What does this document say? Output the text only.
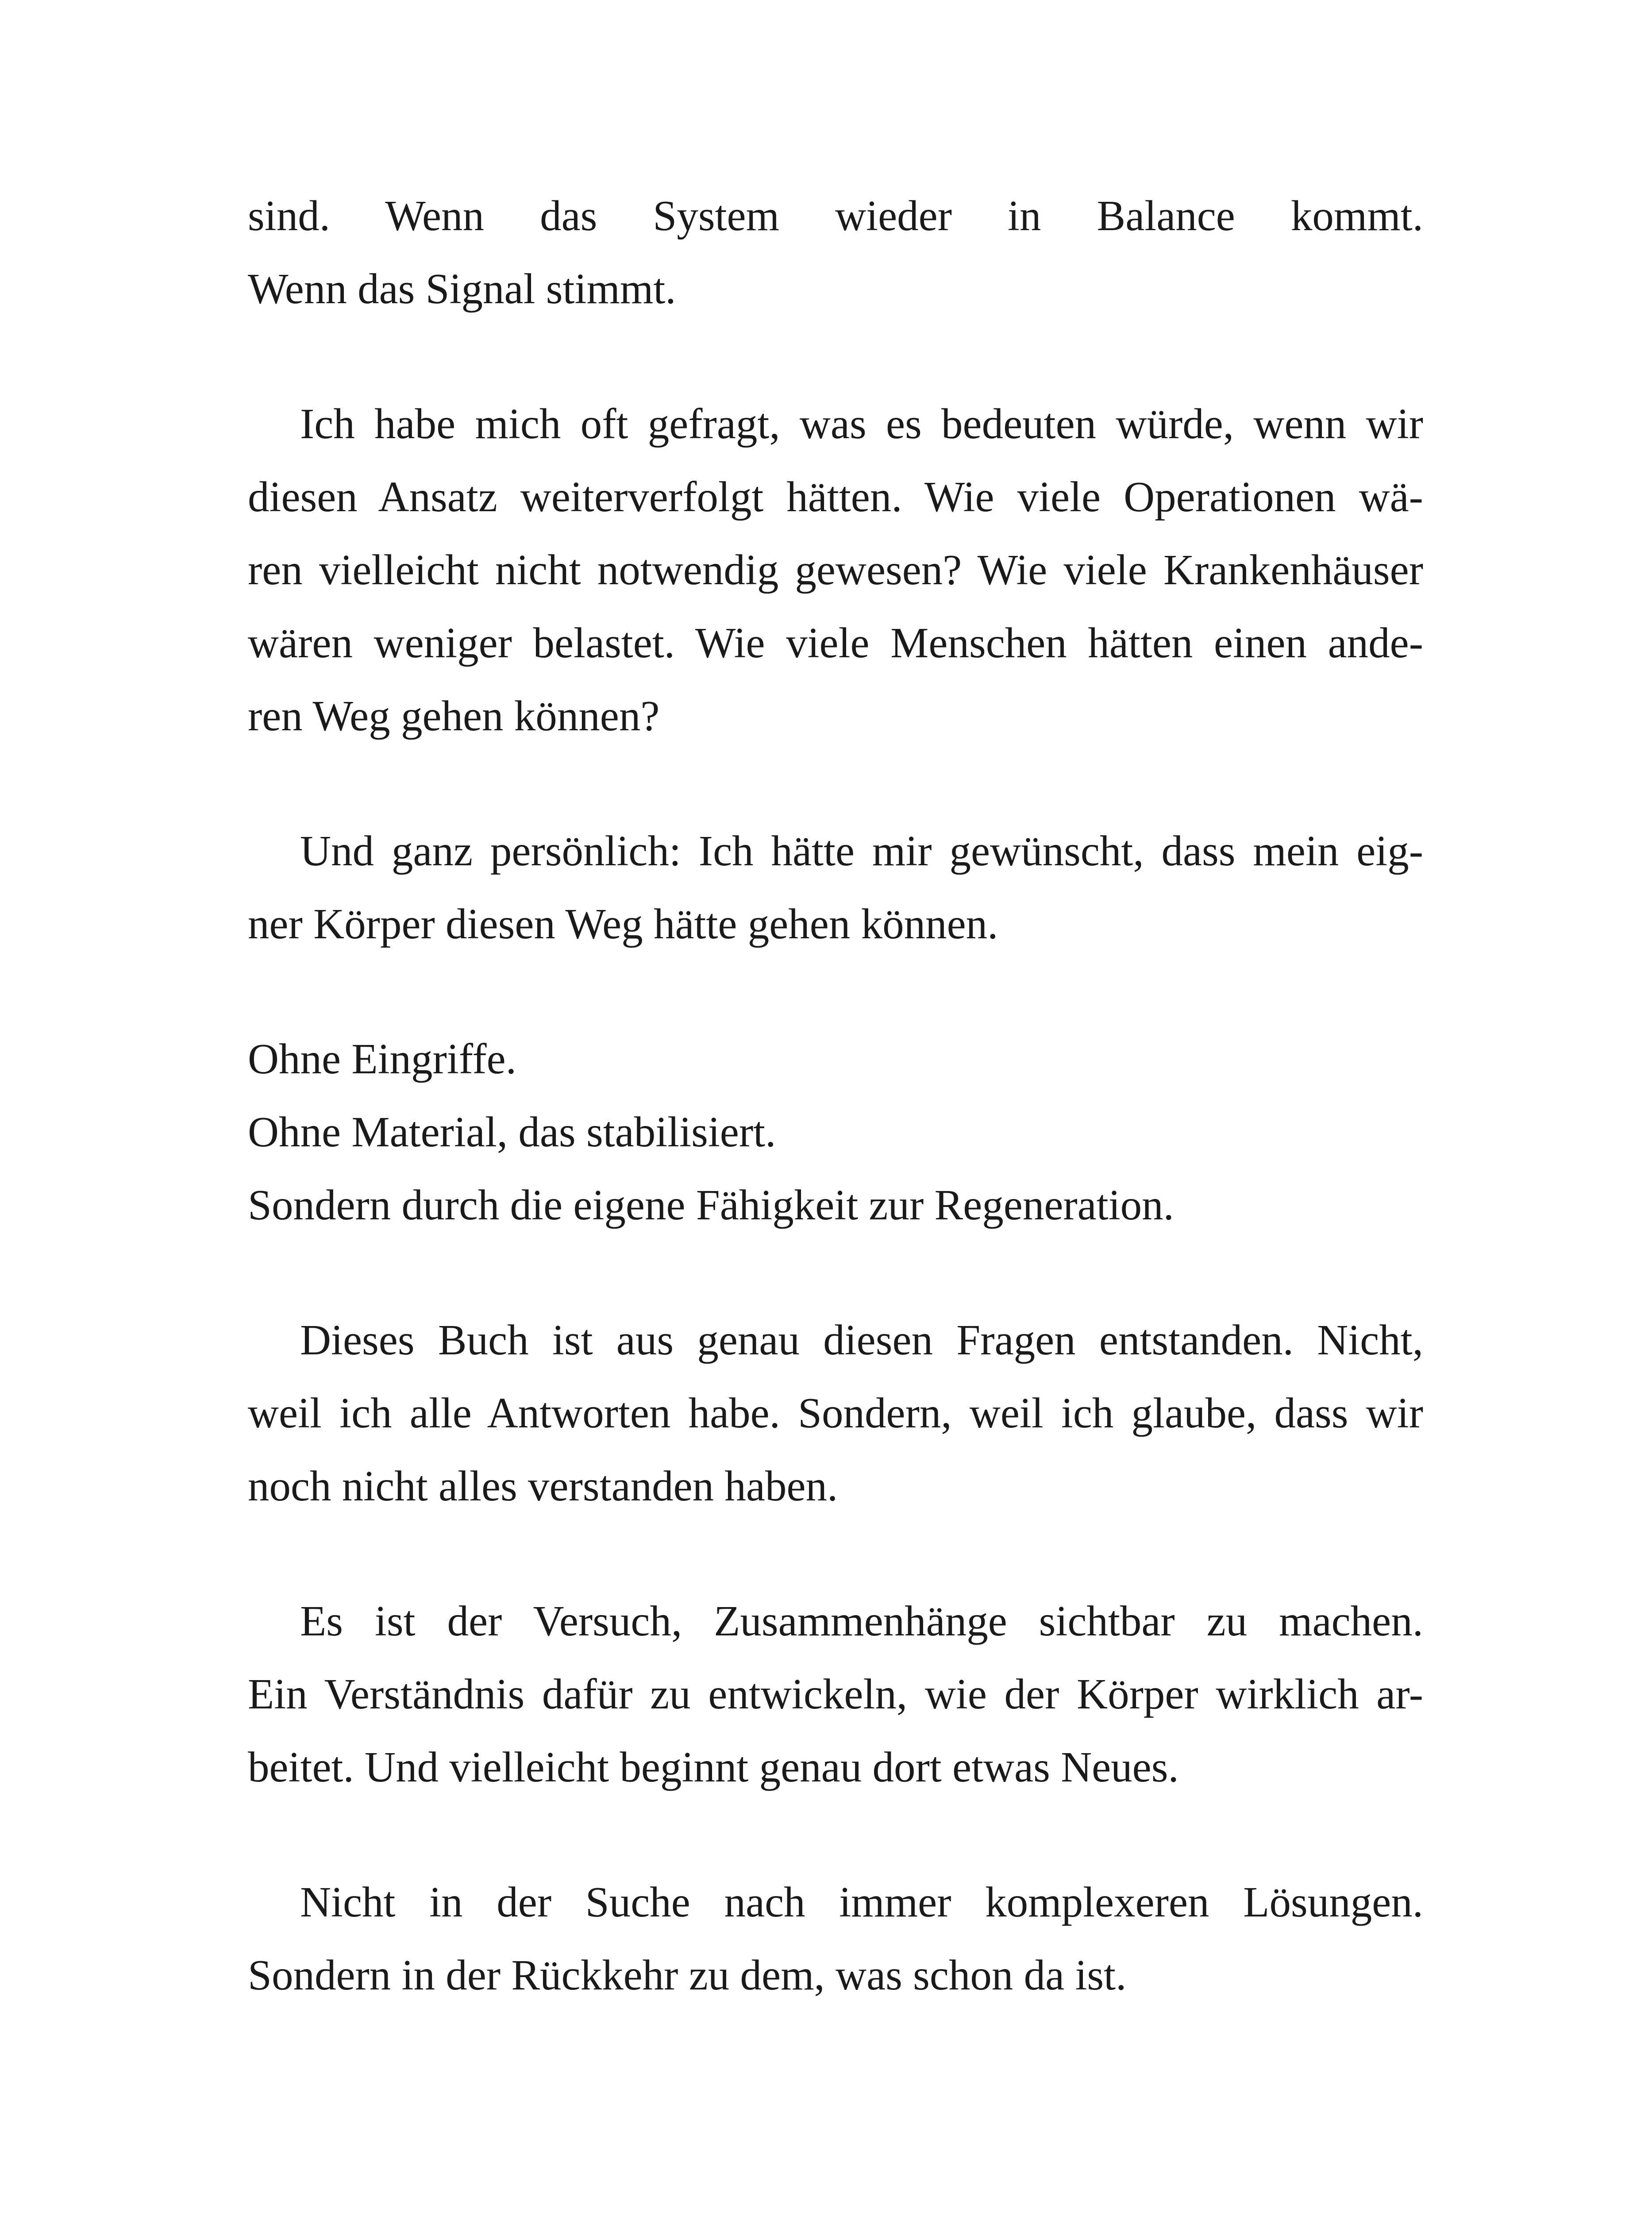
sind. Wenn das System wieder in Balance kommt.
Wenn das Signal stimmt.
Ich habe mich oft gefragt, was es bedeuten würde, wenn wir
diesen Ansatz weiterverfolgt hätten. Wie viele Operationen wä-
ren vielleicht nicht notwendig gewesen? Wie viele Krankenhäuser
wären weniger belastet. Wie viele Menschen hätten einen ande-
ren Weg gehen können?
Und ganz persönlich: Ich hätte mir gewünscht, dass mein eig-
ner Körper diesen Weg hätte gehen können.
Ohne Eingriffe.
Ohne Material, das stabilisiert.
Sondern durch die eigene Fähigkeit zur Regeneration.
Dieses Buch ist aus genau diesen Fragen entstanden. Nicht,
weil ich alle Antworten habe. Sondern, weil ich glaube, dass wir
noch nicht alles verstanden haben.
Es ist der Versuch, Zusammenhänge sichtbar zu machen.
Ein Verständnis dafür zu entwickeln, wie der Körper wirklich ar-
beitet. Und vielleicht beginnt genau dort etwas Neues.
Nicht in der Suche nach immer komplexeren Lösungen.
Sondern in der Rückkehr zu dem, was schon da ist.
